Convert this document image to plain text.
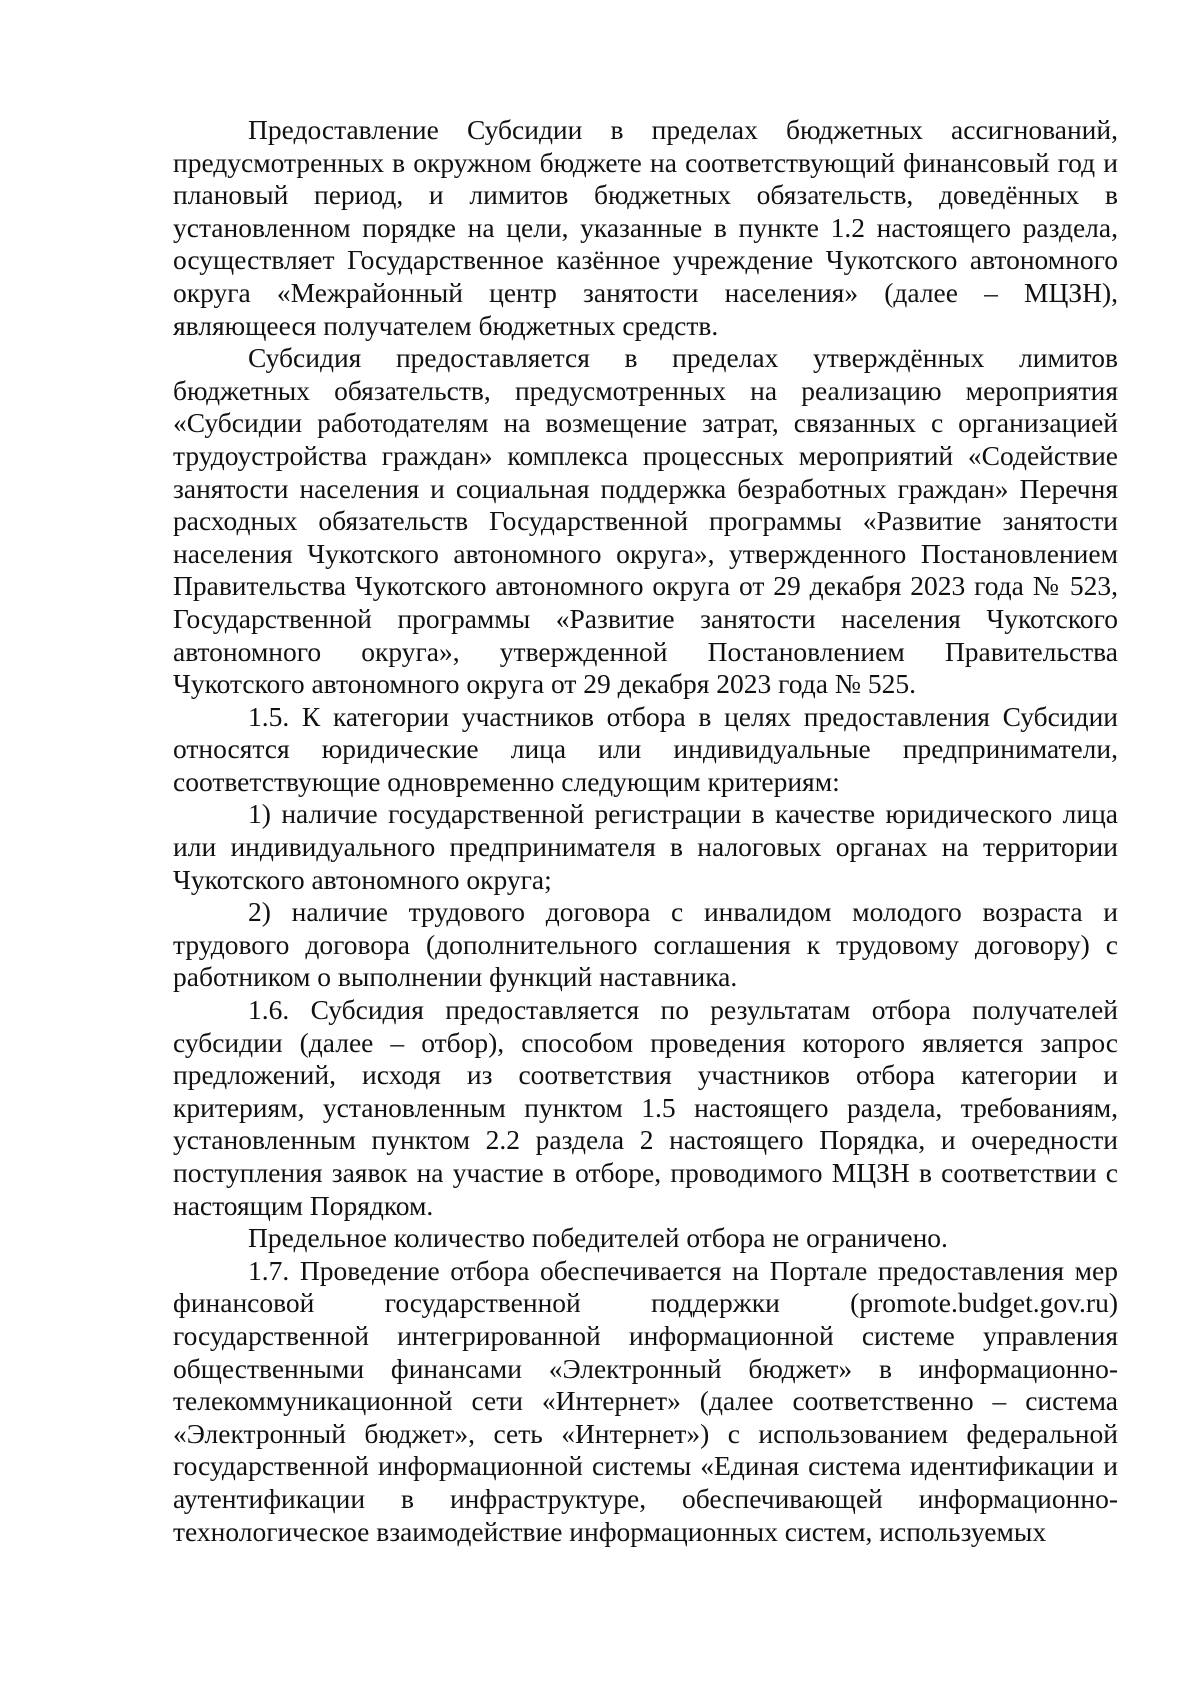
Предоставление Субсидии в пределах бюджетных ассигнований, предусмотренных в окружном бюджете на соответствующий финансовый год и плановый период, и лимитов бюджетных обязательств, доведённых в установленном порядке на цели, указанные в пункте 1.2 настоящего раздела, осуществляет Государственное казённое учреждение Чукотского автономного округа «Межрайонный центр занятости населения» (далее – МЦЗН), являющееся получателем бюджетных средств.

Субсидия предоставляется в пределах утверждённых лимитов бюджетных обязательств, предусмотренных на реализацию мероприятия «Субсидии работодателям на возмещение затрат, связанных с организацией трудоустройства граждан» комплекса процессных мероприятий «Содействие занятости населения и социальная поддержка безработных граждан» Перечня расходных обязательств Государственной программы «Развитие занятости населения Чукотского автономного округа», утвержденного Постановлением Правительства Чукотского автономного округа от 29 декабря 2023 года № 523, Государственной программы «Развитие занятости населения Чукотского автономного округа», утвержденной Постановлением Правительства Чукотского автономного округа от 29 декабря 2023 года № 525.

1.5. К категории участников отбора в целях предоставления Субсидии относятся юридические лица или индивидуальные предприниматели, соответствующие одновременно следующим критериям:

1) наличие государственной регистрации в качестве юридического лица или индивидуального предпринимателя в налоговых органах на территории Чукотского автономного округа;

2) наличие трудового договора с инвалидом молодого возраста и трудового договора (дополнительного соглашения к трудовому договору) с работником о выполнении функций наставника.

1.6. Субсидия предоставляется по результатам отбора получателей субсидии (далее – отбор), способом проведения которого является запрос предложений, исходя из соответствия участников отбора категории и критериям, установленным пунктом 1.5 настоящего раздела, требованиям, установленным пунктом 2.2 раздела 2 настоящего Порядка, и очередности поступления заявок на участие в отборе, проводимого МЦЗН в соответствии с настоящим Порядком.

Предельное количество победителей отбора не ограничено.

1.7. Проведение отбора обеспечивается на Портале предоставления мер финансовой государственной поддержки (promote.budget.gov.ru) государственной интегрированной информационной системе управления общественными финансами «Электронный бюджет» в информационно-телекоммуникационной сети «Интернет» (далее соответственно – система «Электронный бюджет», сеть «Интернет») с использованием федеральной государственной информационной системы «Единая система идентификации и аутентификации в инфраструктуре, обеспечивающей информационно-технологическое взаимодействие информационных систем, используемых
